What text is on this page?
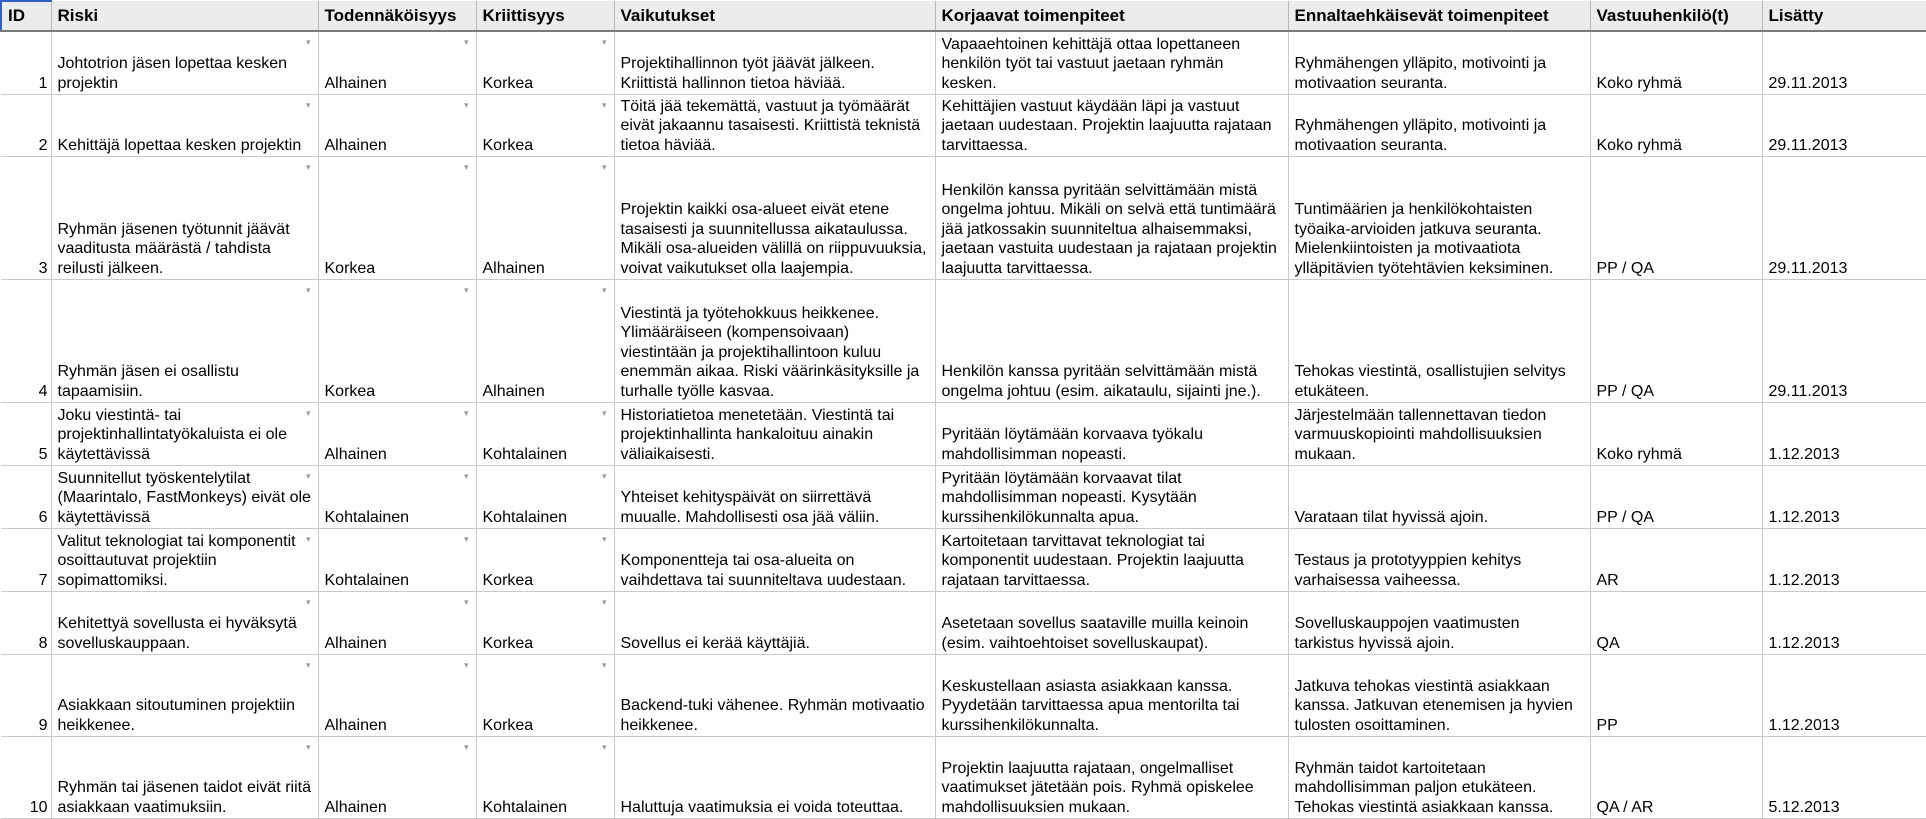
ID	Riski	Todennäköisyys	Kriittisyys	Vaikutukset	Korjaavat toimenpiteet	Ennaltaehkäisevät toimenpiteet	Vastuuhenkilö(t)	Lisätty
1	Johtotrion jäsen lopettaa kesken projektin ▾	Alhainen ▾	Korkea ▾	Projektihallinnon työt jäävät jälkeen. Kriittistä hallinnon tietoa häviää.	Vapaaehtoinen kehittäjä ottaa lopettaneen henkilön työt tai vastuut jaetaan ryhmän kesken.	Ryhmähengen ylläpito, motivointi ja motivaation seuranta.	Koko ryhmä	29.11.2013
2	Kehittäjä lopettaa kesken projektin ▾	Alhainen ▾	Korkea ▾	Töitä jää tekemättä, vastuut ja työmäärät eivät jakaannu tasaisesti. Kriittistä teknistä tietoa häviää.	Kehittäjien vastuut käydään läpi ja vastuut jaetaan uudestaan. Projektin laajuutta rajataan tarvittaessa.	Ryhmähengen ylläpito, motivointi ja motivaation seuranta.	Koko ryhmä	29.11.2013
3	Ryhmän jäsenen työtunnit jäävät vaaditusta määrästä / tahdista reilusti jälkeen. ▾	Korkea ▾	Alhainen ▾	Projektin kaikki osa-alueet eivät etene tasaisesti ja suunnitellussa aikataulussa. Mikäli osa-alueiden välillä on riippuvuuksia, voivat vaikutukset olla laajempia.	Henkilön kanssa pyritään selvittämään mistä ongelma johtuu. Mikäli on selvä että tuntimäärä jää jatkossakin suunniteltua alhaisemmaksi, jaetaan vastuita uudestaan ja rajataan projektin laajuutta tarvittaessa.	Tuntimäärien ja henkilökohtaisten työaika-arvioiden jatkuva seuranta. Mielenkiintoisten ja motivaatiota ylläpitävien työtehtävien keksiminen.	PP / QA	29.11.2013
4	Ryhmän jäsen ei osallistu tapaamisiin. ▾	Korkea ▾	Alhainen ▾	Viestintä ja työtehokkuus heikkenee. Ylimääräiseen (kompensoivaan) viestintään ja projektihallintoon kuluu enemmän aikaa. Riski väärinkäsityksille ja turhalle työlle kasvaa.	Henkilön kanssa pyritään selvittämään mistä ongelma johtuu (esim. aikataulu, sijainti jne.).	Tehokas viestintä, osallistujien selvitys etukäteen.	PP / QA	29.11.2013
5	Joku viestintä- tai projektinhallintatyökaluista ei ole käytettävissä ▾	Alhainen ▾	Kohtalainen ▾	Historiatietoa menetetään. Viestintä tai projektinhallinta hankaloituu ainakin väliaikaisesti.	Pyritään löytämään korvaava työkalu mahdollisimman nopeasti.	Järjestelmään tallennettavan tiedon varmuuskopiointi mahdollisuuksien mukaan.	Koko ryhmä	1.12.2013
6	Suunnitellut työskentelytilat (Maarintalo, FastMonkeys) eivät ole käytettävissä ▾	Kohtalainen ▾	Kohtalainen ▾	Yhteiset kehityspäivät on siirrettävä muualle. Mahdollisesti osa jää väliin.	Pyritään löytämään korvaavat tilat mahdollisimman nopeasti. Kysytään kurssihenkilökunnalta apua.	Varataan tilat hyvissä ajoin.	PP / QA	1.12.2013
7	Valitut teknologiat tai komponentit osoittautuvat projektiin sopimattomiksi. ▾	Kohtalainen ▾	Korkea ▾	Komponentteja tai osa-alueita on vaihdettava tai suunniteltava uudestaan.	Kartoitetaan tarvittavat teknologiat tai komponentit uudestaan. Projektin laajuutta rajataan tarvittaessa.	Testaus ja prototyyppien kehitys varhaisessa vaiheessa.	AR	1.12.2013
8	Kehitettyä sovellusta ei hyväksytä sovelluskauppaan. ▾	Alhainen ▾	Korkea ▾	Sovellus ei kerää käyttäjiä.	Asetetaan sovellus saataville muilla keinoin (esim. vaihtoehtoiset sovelluskaupat).	Sovelluskauppojen vaatimusten tarkistus hyvissä ajoin.	QA	1.12.2013
9	Asiakkaan sitoutuminen projektiin heikkenee. ▾	Alhainen ▾	Korkea ▾	Backend-tuki vähenee. Ryhmän motivaatio heikkenee.	Keskustellaan asiasta asiakkaan kanssa. Pyydetään tarvittaessa apua mentorilta tai kurssihenkilökunnalta.	Jatkuva tehokas viestintä asiakkaan kanssa. Jatkuvan etenemisen ja hyvien tulosten osoittaminen.	PP	1.12.2013
10	Ryhmän tai jäsenen taidot eivät riitä asiakkaan vaatimuksiin. ▾	Alhainen ▾	Kohtalainen ▾	Haluttuja vaatimuksia ei voida toteuttaa.	Projektin laajuutta rajataan, ongelmalliset vaatimukset jätetään pois. Ryhmä opiskelee mahdollisuuksien mukaan.	Ryhmän taidot kartoitetaan mahdollisimman paljon etukäteen. Tehokas viestintä asiakkaan kanssa.	QA / AR	5.12.2013
